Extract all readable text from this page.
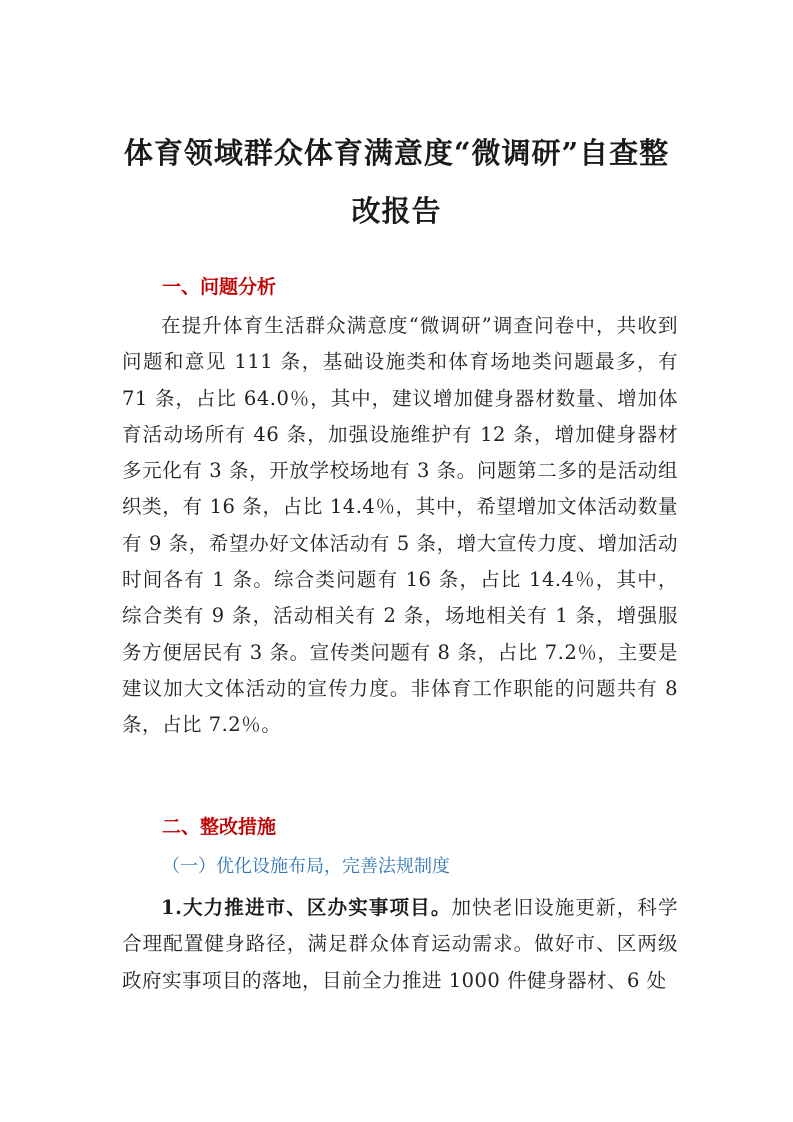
体育领域群众体育满意度“微调研”自查整
改报告
一、问题分析
在提升体育生活群众满意度“微调研”调查问卷中，共收到问题和意见 111 条，基础设施类和体育场地类问题最多，有 71 条，占比 64.0％，其中，建议增加健身器材数量、增加体育活动场所有 46 条，加强设施维护有 12 条，增加健身器材多元化有 3 条，开放学校场地有 3 条。问题第二多的是活动组织类，有 16 条，占比 14.4％，其中，希望增加文体活动数量有 9 条，希望办好文体活动有 5 条，增大宣传力度、增加活动时间各有 1 条。综合类问题有 16 条，占比 14.4％，其中，综合类有 9 条，活动相关有 2 条，场地相关有 1 条，增强服务方便居民有 3 条。宣传类问题有 8 条，占比 7.2％，主要是建议加大文体活动的宣传力度。非体育工作职能的问题共有 8 条，占比 7.2％。
二、整改措施
（一）优化设施布局，完善法规制度
1.大力推进市、区办实事项目。加快老旧设施更新，科学合理配置健身路径，满足群众体育运动需求。做好市、区两级政府实事项目的落地，目前全力推进 1000 件健身器材、6 处
